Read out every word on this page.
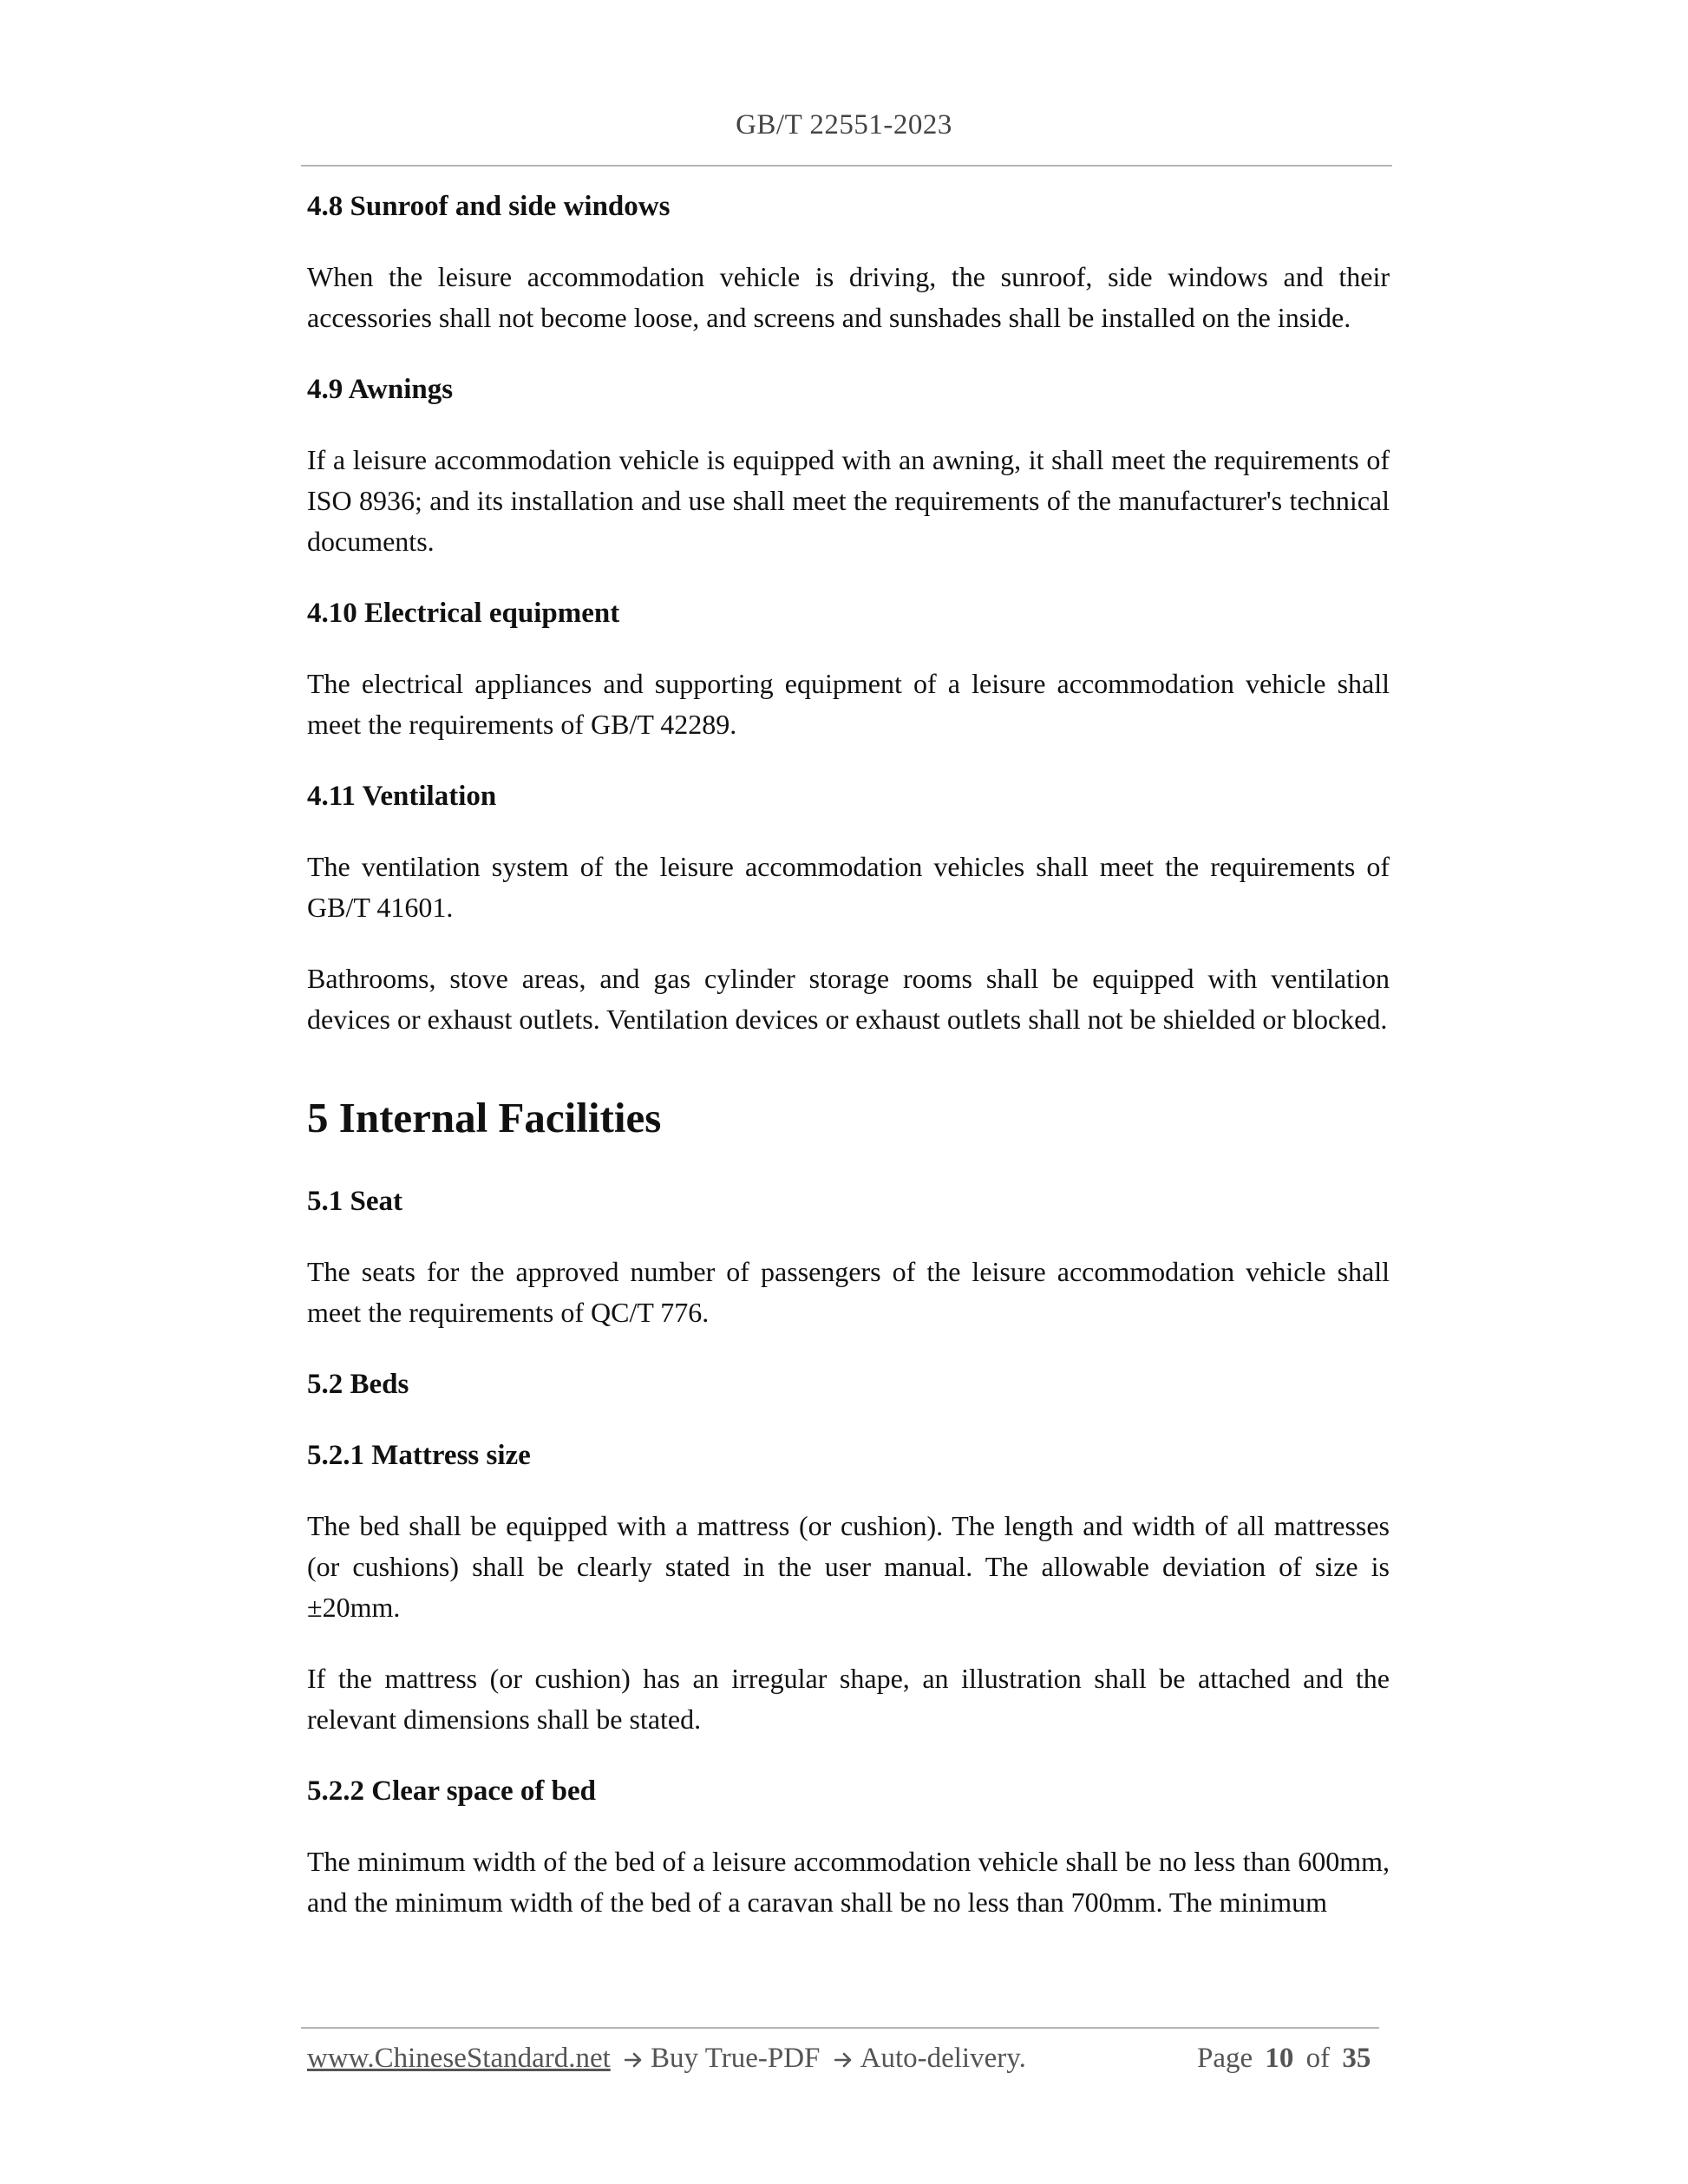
GB/T 22551-2023
4.8 Sunroof and side windows
When the leisure accommodation vehicle is driving, the sunroof, side windows and their accessories shall not become loose, and screens and sunshades shall be installed on the inside.
4.9 Awnings
If a leisure accommodation vehicle is equipped with an awning, it shall meet the requirements of ISO 8936; and its installation and use shall meet the requirements of the manufacturer's technical documents.
4.10 Electrical equipment
The electrical appliances and supporting equipment of a leisure accommodation vehicle shall meet the requirements of GB/T 42289.
4.11 Ventilation
The ventilation system of the leisure accommodation vehicles shall meet the requirements of GB/T 41601.
Bathrooms, stove areas, and gas cylinder storage rooms shall be equipped with ventilation devices or exhaust outlets. Ventilation devices or exhaust outlets shall not be shielded or blocked.
5 Internal Facilities
5.1 Seat
The seats for the approved number of passengers of the leisure accommodation vehicle shall meet the requirements of QC/T 776.
5.2 Beds
5.2.1 Mattress size
The bed shall be equipped with a mattress (or cushion). The length and width of all mattresses (or cushions) shall be clearly stated in the user manual. The allowable deviation of size is ±20mm.
If the mattress (or cushion) has an irregular shape, an illustration shall be attached and the relevant dimensions shall be stated.
5.2.2 Clear space of bed
The minimum width of the bed of a leisure accommodation vehicle shall be no less than 600mm, and the minimum width of the bed of a caravan shall be no less than 700mm. The minimum
www.ChineseStandard.net Buy True-PDF Auto-delivery.	Page 10 of 35
